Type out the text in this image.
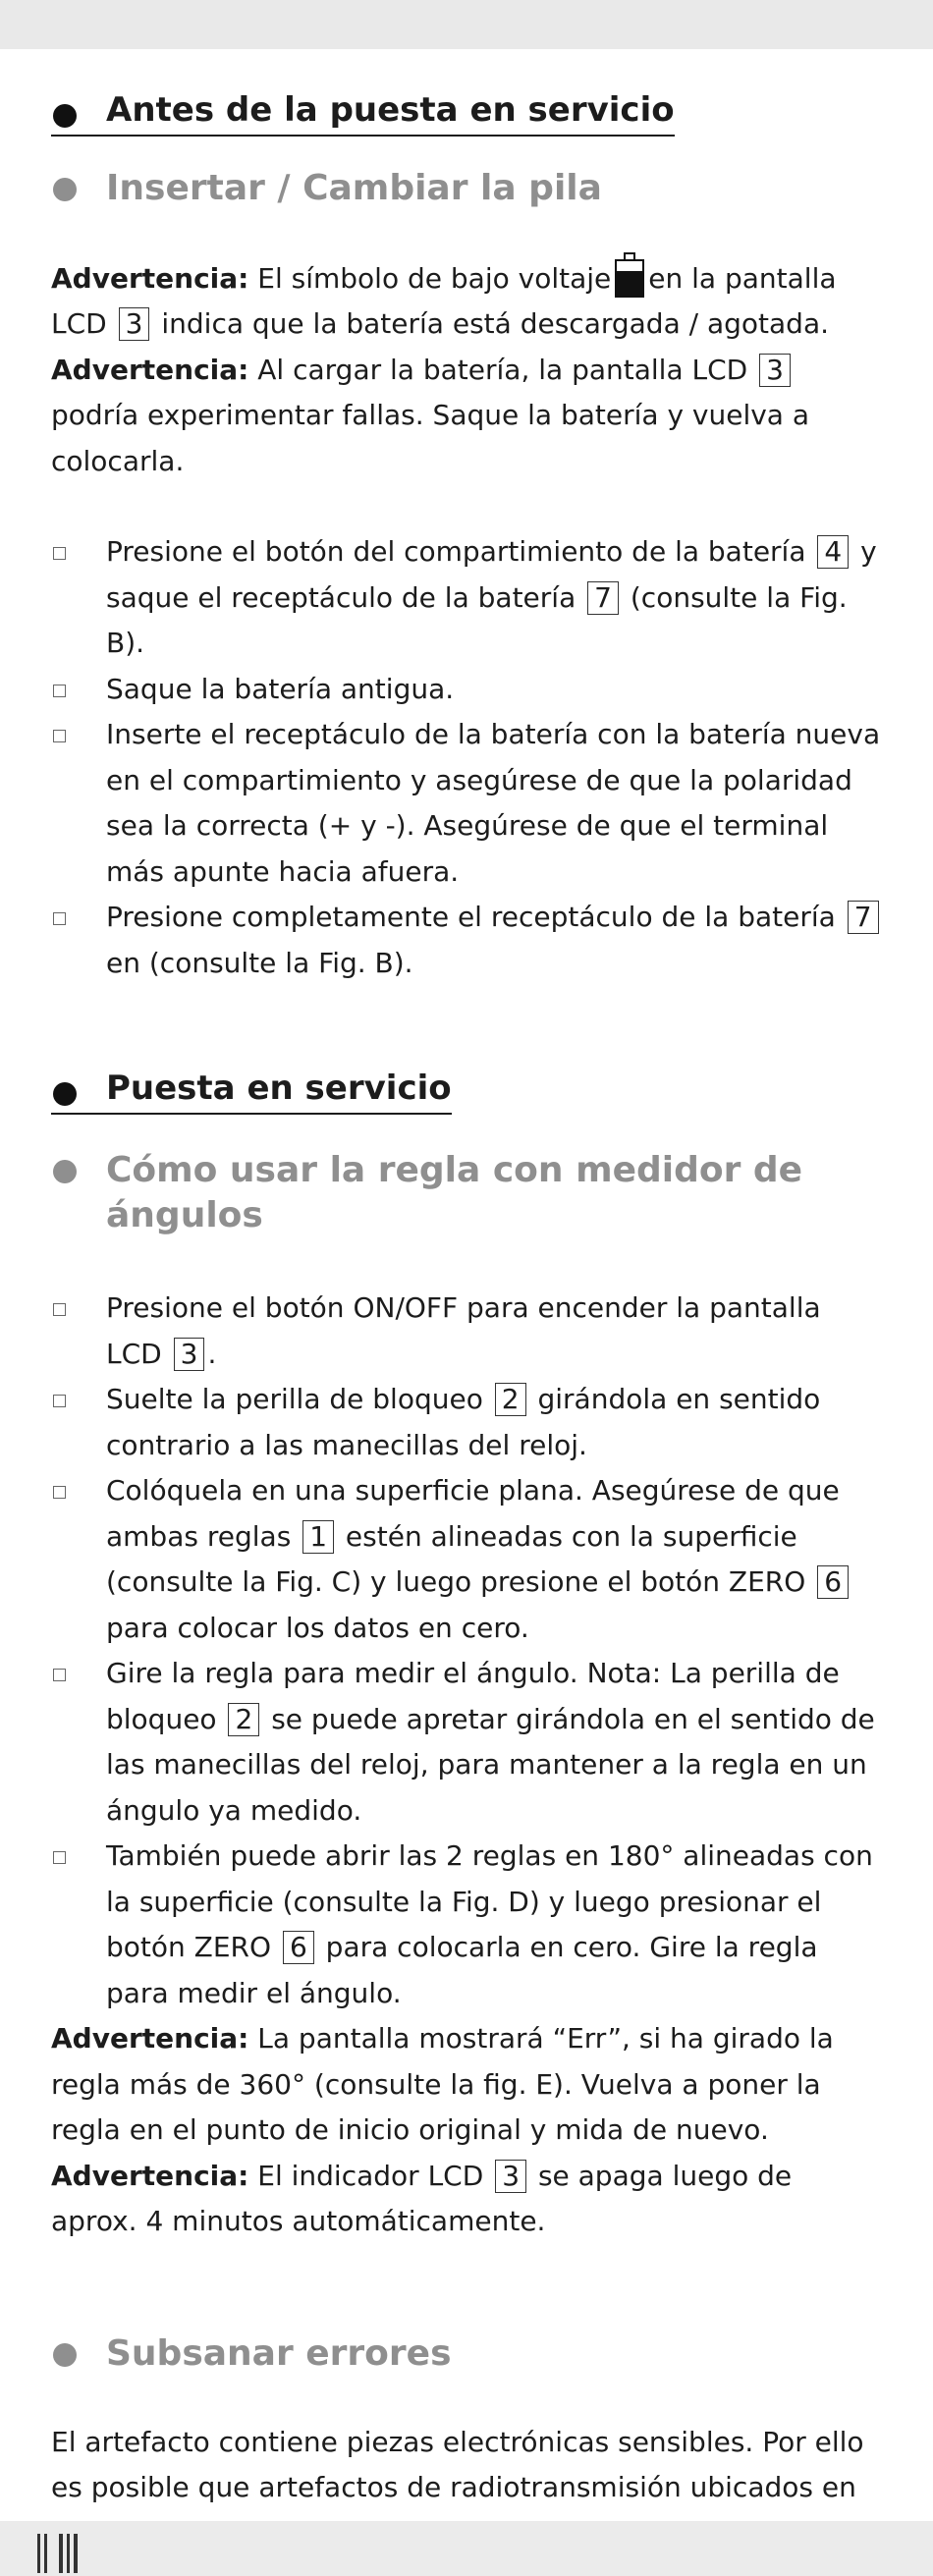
Antes de la puesta en servicio
Insertar / Cambiar la pila

Advertencia: El símbolo de bajo voltaje en la pantalla LCD 3 indica que la batería está descargada / agotada.
Advertencia: Al cargar la batería, la pantalla LCD 3 podría experimentar fallas. Saque la batería y vuelva a colocarla.

Presione el botón del compartimiento de la batería 4 y saque el receptáculo de la batería 7 (consulte la Fig. B).
Saque la batería antigua.
Inserte el receptáculo de la batería con la batería nueva en el compartimiento y asegúrese de que la polaridad sea la correcta (+ y -). Asegúrese de que el terminal más apunte hacia afuera.
Presione completamente el receptáculo de la batería 7 en (consulte la Fig. B).
Puesta en servicio
Cómo usar la regla con medidor de ángulos
Presione el botón ON/OFF para encender la pantalla LCD 3 .
Suelte la perilla de bloqueo 2 girándola en sentido contrario a las manecillas del reloj.
Colóquela en una superficie plana. Asegúrese de que ambas reglas 1 estén alineadas con la superficie (consulte la Fig. C) y luego presione el botón ZERO 6 para colocar los datos en cero.
Gire la regla para medir el ángulo. Nota: La perilla de bloqueo 2 se puede apretar girándola en el sentido de las manecillas del reloj, para mantener a la regla en un ángulo ya medido.
También puede abrir las 2 reglas en 180° alineadas con la superficie (consulte la Fig. D) y luego presionar el botón ZERO 6 para colocarla en cero. Gire la regla para medir el ángulo.

Advertencia: La pantalla mostrará “Err”, si ha girado la regla más de 360° (consulte la fig. E). Vuelva a poner la regla en el punto de inicio original y mida de nuevo.
Advertencia: El indicador LCD 3 se apaga luego de aprox. 4 minutos automáticamente.

Subsanar errores

El artefacto contiene piezas electrónicas sensibles. Por ello es posible que artefactos de radiotransmisión ubicados en
